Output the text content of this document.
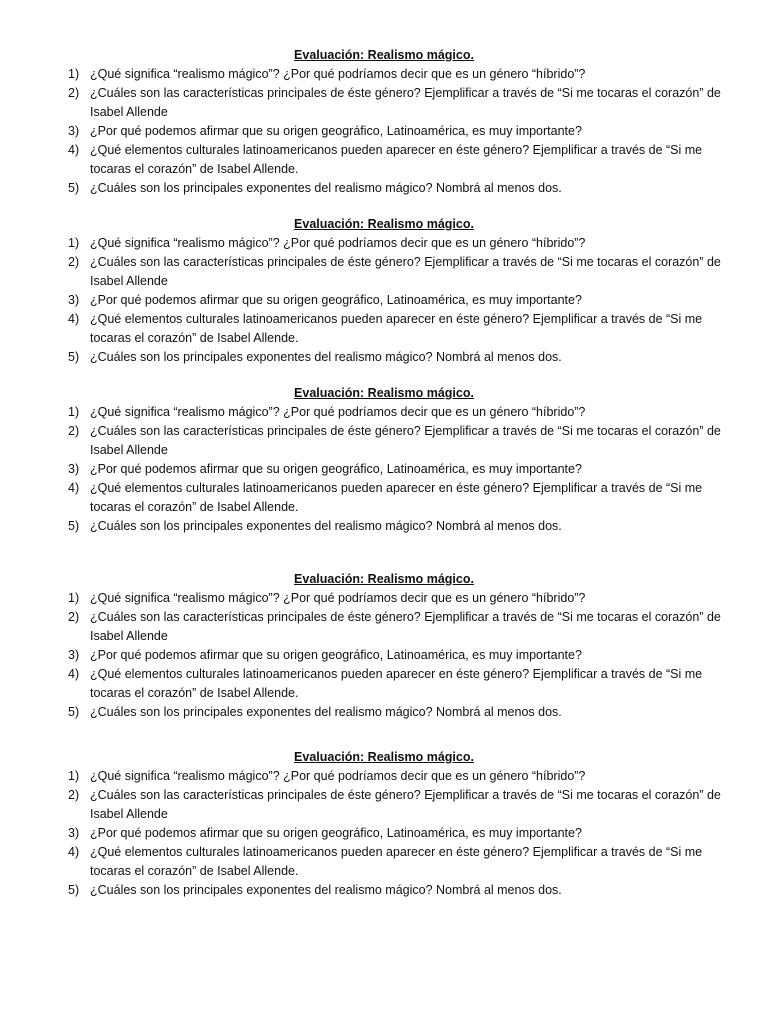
Evaluación: Realismo mágico.
1) ¿Qué significa “realismo mágico”? ¿Por qué podríamos decir que es un género “híbrido”?
2) ¿Cuáles son las características principales de éste género? Ejemplificar a través de “Si me tocaras el corazón” de Isabel Allende
3) ¿Por qué podemos afirmar que su origen geográfico, Latinoamérica, es muy importante?
4) ¿Qué elementos culturales latinoamericanos pueden aparecer en éste género? Ejemplificar a través de “Si me tocaras el corazón” de Isabel Allende.
5) ¿Cuáles son los principales exponentes del realismo mágico? Nombrá al menos dos.
Evaluación: Realismo mágico.
1) ¿Qué significa “realismo mágico”? ¿Por qué podríamos decir que es un género “híbrido”?
2) ¿Cuáles son las características principales de éste género? Ejemplificar a través de “Si me tocaras el corazón” de Isabel Allende
3) ¿Por qué podemos afirmar que su origen geográfico, Latinoamérica, es muy importante?
4) ¿Qué elementos culturales latinoamericanos pueden aparecer en éste género? Ejemplificar a través de “Si me tocaras el corazón” de Isabel Allende.
5) ¿Cuáles son los principales exponentes del realismo mágico? Nombrá al menos dos.
Evaluación: Realismo mágico.
1) ¿Qué significa “realismo mágico”? ¿Por qué podríamos decir que es un género “híbrido”?
2) ¿Cuáles son las características principales de éste género? Ejemplificar a través de “Si me tocaras el corazón” de Isabel Allende
3) ¿Por qué podemos afirmar que su origen geográfico, Latinoamérica, es muy importante?
4) ¿Qué elementos culturales latinoamericanos pueden aparecer en éste género? Ejemplificar a través de “Si me tocaras el corazón” de Isabel Allende.
5) ¿Cuáles son los principales exponentes del realismo mágico? Nombrá al menos dos.
Evaluación: Realismo mágico.
1) ¿Qué significa “realismo mágico”? ¿Por qué podríamos decir que es un género “híbrido”?
2) ¿Cuáles son las características principales de éste género? Ejemplificar a través de “Si me tocaras el corazón” de Isabel Allende
3) ¿Por qué podemos afirmar que su origen geográfico, Latinoamérica, es muy importante?
4) ¿Qué elementos culturales latinoamericanos pueden aparecer en éste género? Ejemplificar a través de “Si me tocaras el corazón” de Isabel Allende.
5) ¿Cuáles son los principales exponentes del realismo mágico? Nombrá al menos dos.
Evaluación: Realismo mágico.
1) ¿Qué significa “realismo mágico”? ¿Por qué podríamos decir que es un género “híbrido”?
2) ¿Cuáles son las características principales de éste género? Ejemplificar a través de “Si me tocaras el corazón” de Isabel Allende
3) ¿Por qué podemos afirmar que su origen geográfico, Latinoamérica, es muy importante?
4) ¿Qué elementos culturales latinoamericanos pueden aparecer en éste género? Ejemplificar a través de “Si me tocaras el corazón” de Isabel Allende.
5) ¿Cuáles son los principales exponentes del realismo mágico? Nombrá al menos dos.
